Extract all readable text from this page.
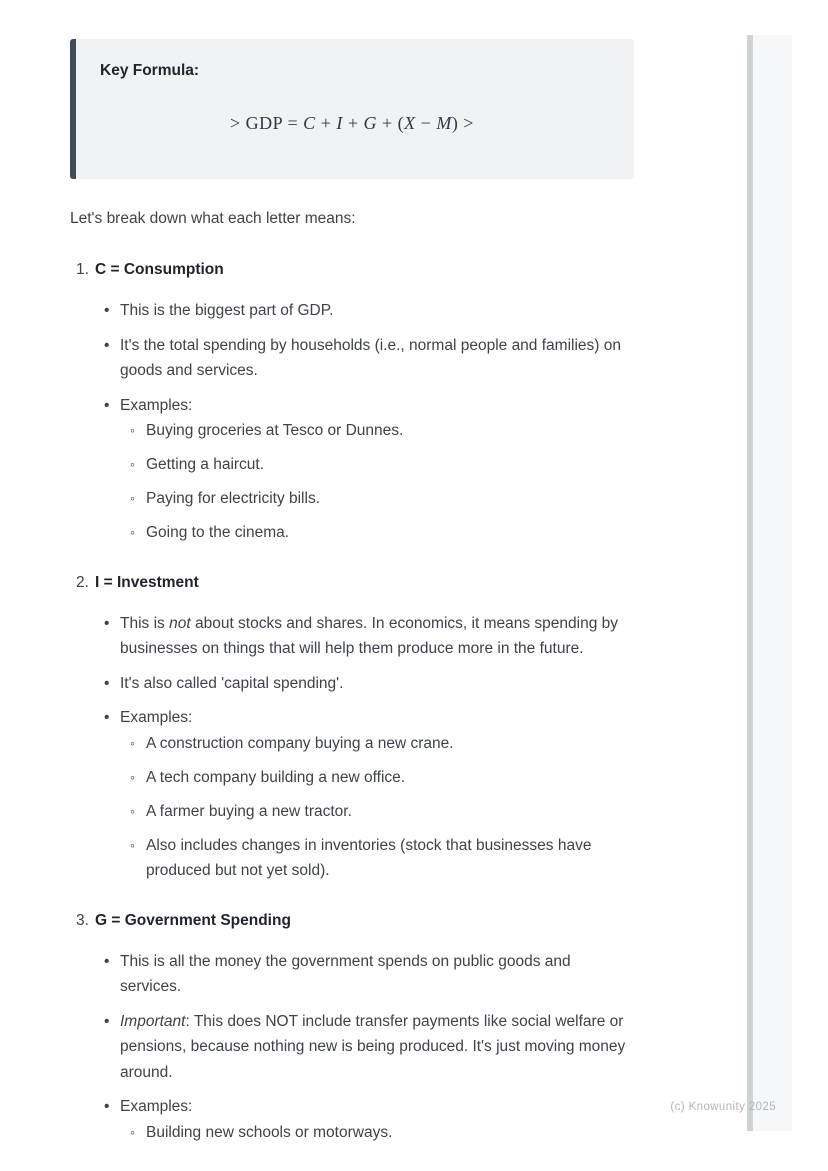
Key Formula:
> GDP = C + I + G + (X − M) >

Let's break down what each letter means:

1.C = Consumption
• This is the biggest part of GDP.
• It's the total spending by households (i.e., normal people and families) on goods and services.
• Examples:
◦ Buying groceries at Tesco or Dunnes.
◦ Getting a haircut.
◦ Paying for electricity bills.
◦ Going to the cinema.
2.I = Investment
• This is not about stocks and shares. In economics, it means spending by businesses on things that will help them produce more in the future.
• It's also called 'capital spending'.
• Examples:
◦ A construction company buying a new crane.
◦ A tech company building a new office.
◦ A farmer buying a new tractor.
◦ Also includes changes in inventories (stock that businesses have produced but not yet sold).
3.G = Government Spending
• This is all the money the government spends on public goods and services.
• Important: This does NOT include transfer payments like social welfare or pensions, because nothing new is being produced. It's just moving money around.
• Examples:
◦ Building new schools or motorways.
(c) Knowunity 2025
